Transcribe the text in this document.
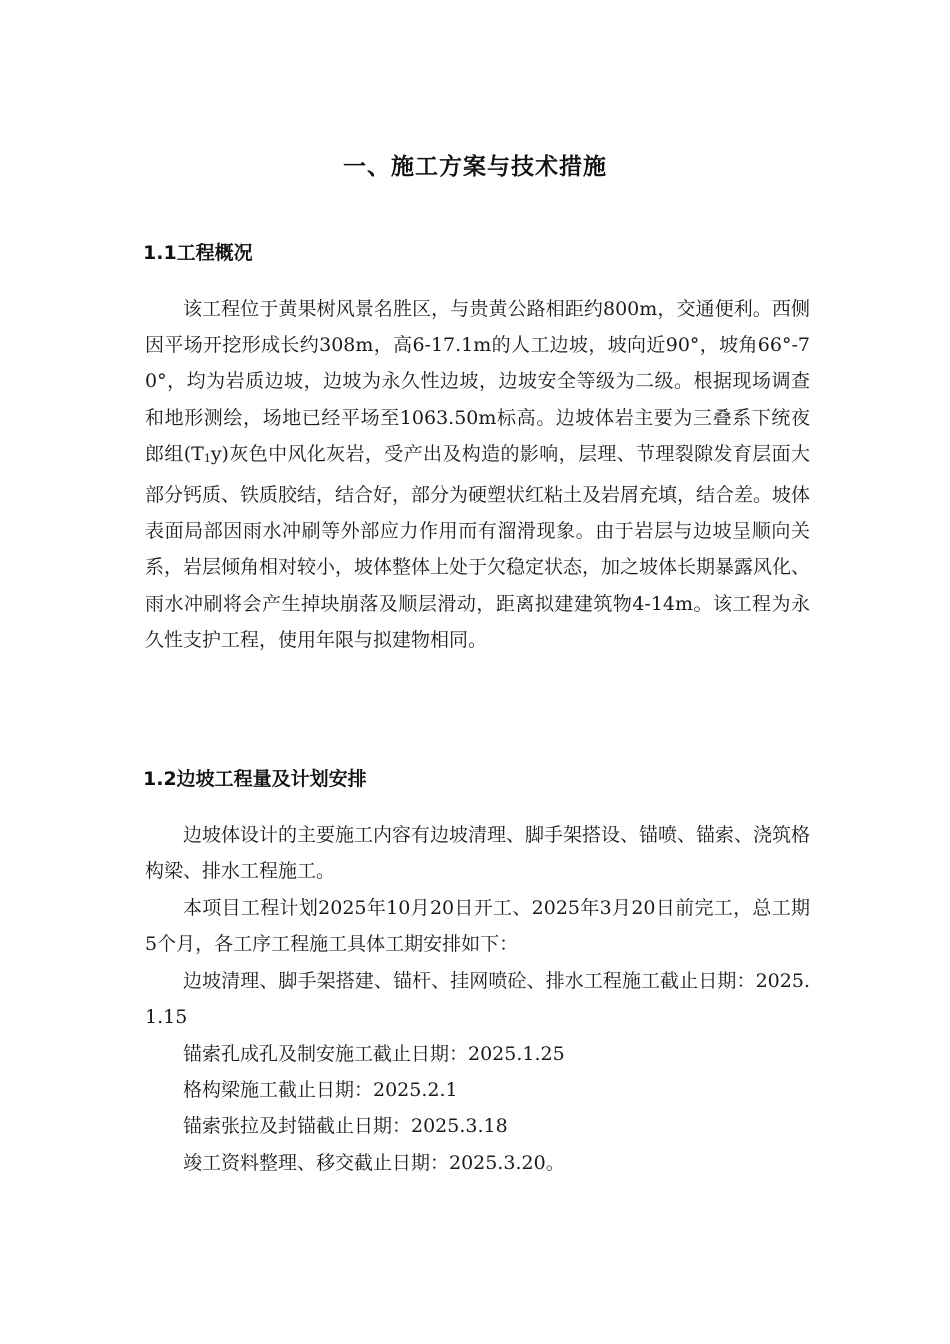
一、施工方案与技术措施
1.1工程概况

该工程位于黄果树风景名胜区，与贵黄公路相距约800m，交通便利。西侧因平场开挖形成长约308m，高6-17.1m的人工边坡，坡向近90°，坡角66°-70°，均为岩质边坡，边坡为永久性边坡，边坡安全等级为二级。根据现场调查和地形测绘，场地已经平场至1063.50m标高。边坡体岩主要为三叠系下统夜郎组(T1y)灰色中风化灰岩，受产出及构造的影响，层理、节理裂隙发育层面大部分钙质、铁质胶结，结合好，部分为硬塑状红粘土及岩屑充填，结合差。坡体表面局部因雨水冲刷等外部应力作用而有溜滑现象。由于岩层与边坡呈顺向关系，岩层倾角相对较小，坡体整体上处于欠稳定状态，加之坡体长期暴露风化、雨水冲刷将会产生掉块崩落及顺层滑动，距离拟建建筑物4-14m。该工程为永久性支护工程，使用年限与拟建物相同。

1.2边坡工程量及计划安排

边坡体设计的主要施工内容有边坡清理、脚手架搭设、锚喷、锚索、浇筑格构梁、排水工程施工。

本项目工程计划2025年10月20日开工、2025年3月20日前完工，总工期5个月，各工序工程施工具体工期安排如下：

边坡清理、脚手架搭建、锚杆、挂网喷砼、排水工程施工截止日期：2025.1.15

锚索孔成孔及制安施工截止日期：2025.1.25

格构梁施工截止日期：2025.2.1

锚索张拉及封锚截止日期：2025.3.18

竣工资料整理、移交截止日期：2025.3.20。
